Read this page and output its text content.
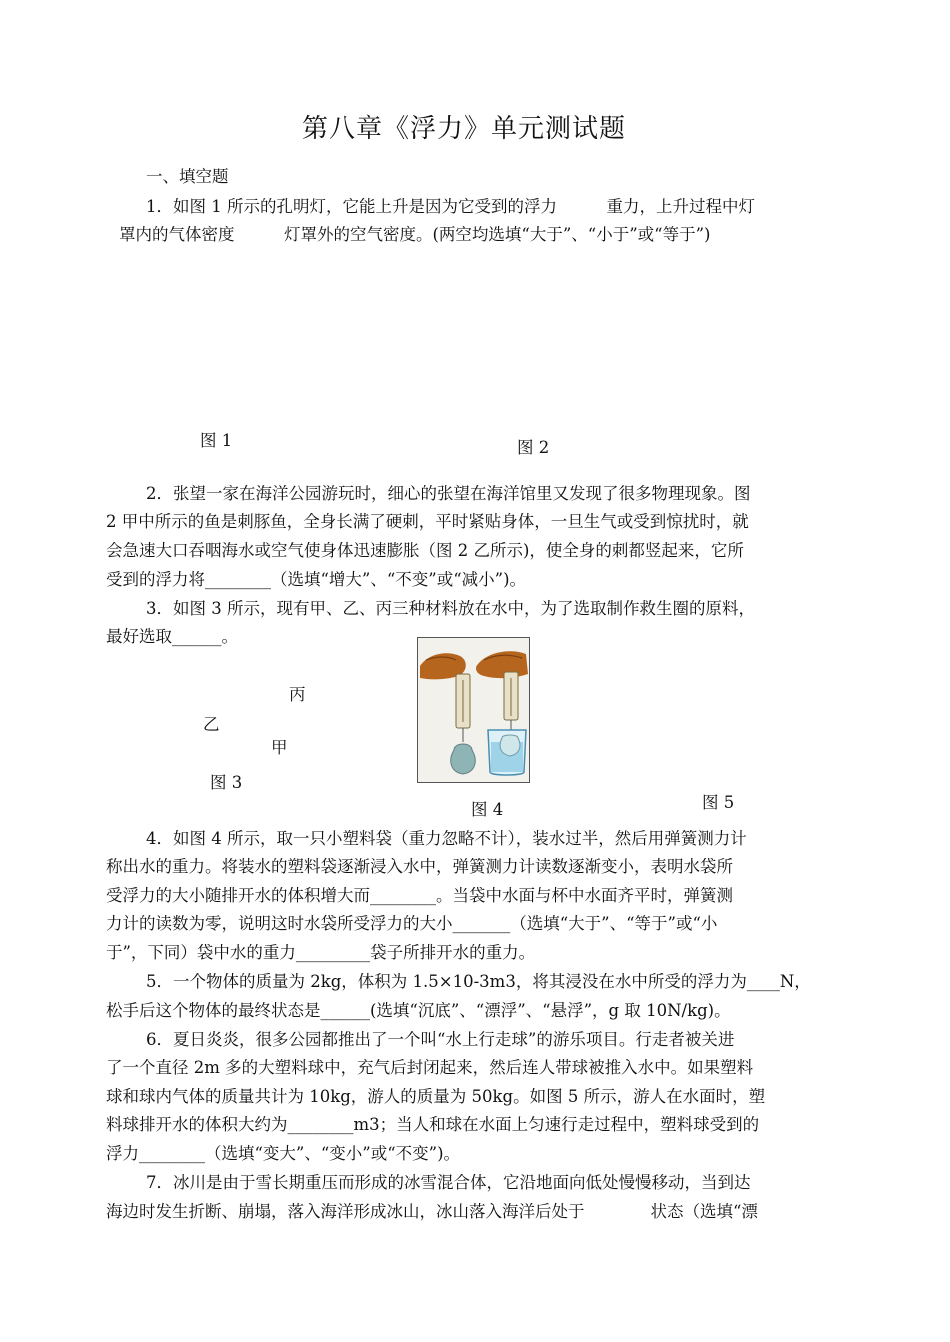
第八章《浮力》单元测试题
一、填空题
1．如图 1 所示的孔明灯，它能上升是因为它受到的浮力　　　重力，上升过程中灯
罩内的气体密度　　　灯罩外的空气密度。(两空均选填“大于”、“小于”或“等于”)
图 1	图 2
2．张望一家在海洋公园游玩时，细心的张望在海洋馆里又发现了很多物理现象。图
2 甲中所示的鱼是刺豚鱼，全身长满了硬刺，平时紧贴身体，一旦生气或受到惊扰时，就
会急速大口吞咽海水或空气使身体迅速膨胀（图 2 乙所示)，使全身的刺都竖起来，它所
受到的浮力将________（选填“增大”、“不变”或“减小”)。
3．如图 3 所示，现有甲、乙、丙三种材料放在水中，为了选取制作救生圈的原料，
最好选取______。
丙
乙
甲
图 3
图 4	图 5
4．如图 4 所示，取一只小塑料袋（重力忽略不计），装水过半，然后用弹簧测力计
称出水的重力。将装水的塑料袋逐渐浸入水中，弹簧测力计读数逐渐变小，表明水袋所
受浮力的大小随排开水的体积增大而________。当袋中水面与杯中水面齐平时，弹簧测
力计的读数为零，说明这时水袋所受浮力的大小_______（选填“大于”、“等于”或“小
于”，下同）袋中水的重力_________袋子所排开水的重力。
5．一个物体的质量为 2kg，体积为 1.5×10-3m3，将其浸没在水中所受的浮力为____N，
松手后这个物体的最终状态是______(选填“沉底”、“漂浮”、“悬浮”，g 取 10N/kg)。
6．夏日炎炎，很多公园都推出了一个叫“水上行走球”的游乐项目。行走者被关进
了一个直径 2m 多的大塑料球中，充气后封闭起来，然后连人带球被推入水中。如果塑料
球和球内气体的质量共计为 10kg，游人的质量为 50kg。如图 5 所示，游人在水面时，塑
料球排开水的体积大约为________m3；当人和球在水面上匀速行走过程中，塑料球受到的
浮力________（选填“变大”、“变小”或“不变”)。
7．冰川是由于雪长期重压而形成的冰雪混合体，它沿地面向低处慢慢移动，当到达
海边时发生折断、崩塌，落入海洋形成冰山，冰山落入海洋后处于　　　　状态（选填“漂
